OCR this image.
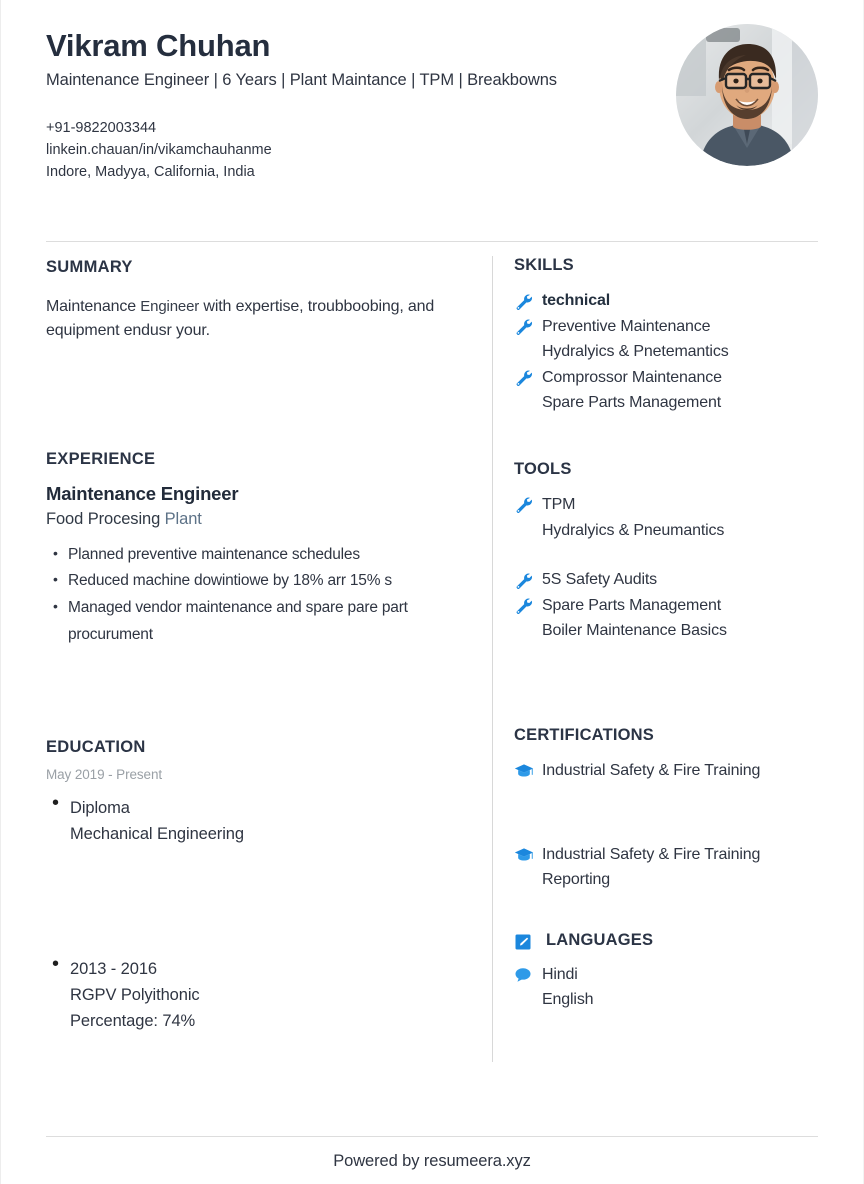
Vikram Chuhan
Maintenance Engineer | 6 Years | Plant Maintance | TPM | Breakbowns
+91-9822003344
linkein.chauan/in/vikamchauhanme
Indore, Madyya, California, India
SUMMARY
Maintenance Engineer with expertise, troubboobing, and equipment endusr your.
EXPERIENCE
Maintenance Engineer
Food Procesing Plant
• Planned preventive maintenance schedules
• Reduced machine dowintiowe by 18% arr 15% s
• Managed vendor maintenance and spare pare part procurument
EDUCATION
May 2019 - Present
• Diploma
Mechanical Engineering
• 2013 - 2016
RGPV Polyithonic
Percentage: 74%
SKILLS
technical
Preventive Maintenance
Hydralyics & Pnetemantics
Comprossor Maintenance
Spare Parts Management
TOOLS
TPM
Hydralyics & Pneumantics
5S Safety Audits
Spare Parts Management
Boiler Maintenance Basics
CERTIFICATIONS
Industrial Safety & Fire Training
Industrial Safety & Fire Training
Reporting
LANGUAGES
Hindi
English
Powered by resumeera.xyz
